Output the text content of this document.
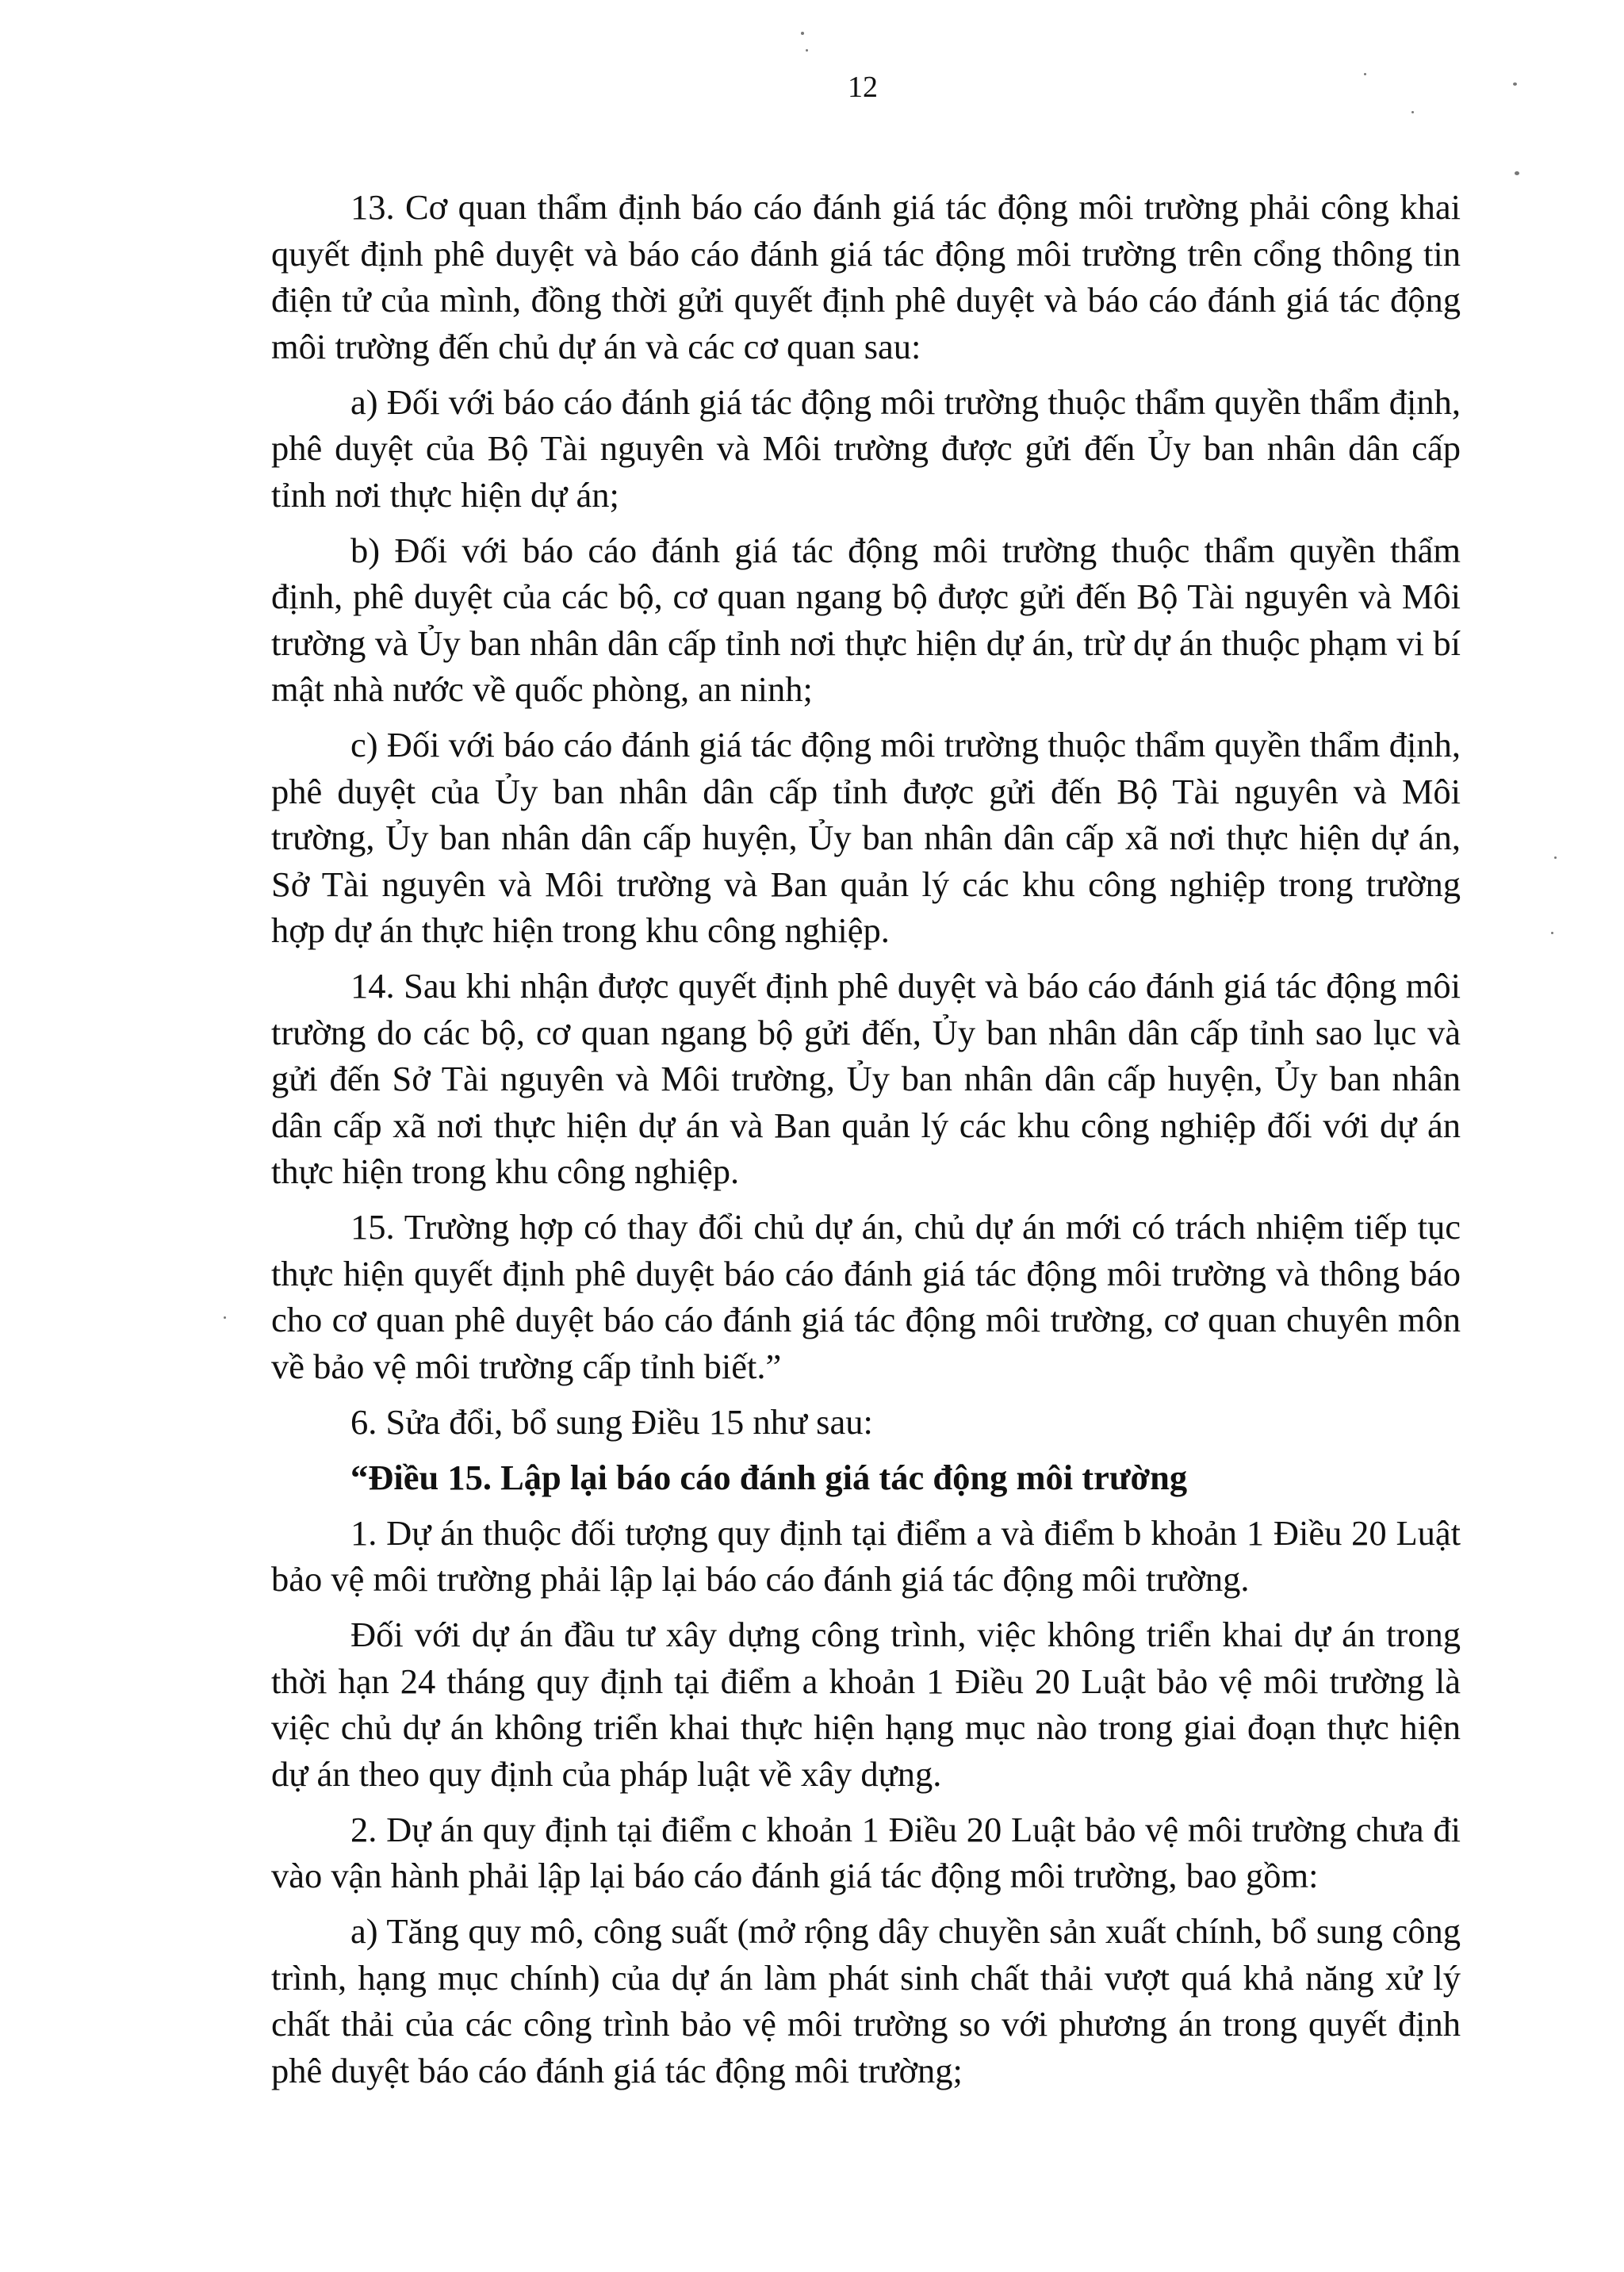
12

13. Cơ quan thẩm định báo cáo đánh giá tác động môi trường phải công khai quyết định phê duyệt và báo cáo đánh giá tác động môi trường trên cổng thông tin điện tử của mình, đồng thời gửi quyết định phê duyệt và báo cáo đánh giá tác động môi trường đến chủ dự án và các cơ quan sau:

a) Đối với báo cáo đánh giá tác động môi trường thuộc thẩm quyền thẩm định, phê duyệt của Bộ Tài nguyên và Môi trường được gửi đến Ủy ban nhân dân cấp tỉnh nơi thực hiện dự án;

b) Đối với báo cáo đánh giá tác động môi trường thuộc thẩm quyền thẩm định, phê duyệt của các bộ, cơ quan ngang bộ được gửi đến Bộ Tài nguyên và Môi trường và Ủy ban nhân dân cấp tỉnh nơi thực hiện dự án, trừ dự án thuộc phạm vi bí mật nhà nước về quốc phòng, an ninh;

c) Đối với báo cáo đánh giá tác động môi trường thuộc thẩm quyền thẩm định, phê duyệt của Ủy ban nhân dân cấp tỉnh được gửi đến Bộ Tài nguyên và Môi trường, Ủy ban nhân dân cấp huyện, Ủy ban nhân dân cấp xã nơi thực hiện dự án, Sở Tài nguyên và Môi trường và Ban quản lý các khu công nghiệp trong trường hợp dự án thực hiện trong khu công nghiệp.

14. Sau khi nhận được quyết định phê duyệt và báo cáo đánh giá tác động môi trường do các bộ, cơ quan ngang bộ gửi đến, Ủy ban nhân dân cấp tỉnh sao lục và gửi đến Sở Tài nguyên và Môi trường, Ủy ban nhân dân cấp huyện, Ủy ban nhân dân cấp xã nơi thực hiện dự án và Ban quản lý các khu công nghiệp đối với dự án thực hiện trong khu công nghiệp.

15. Trường hợp có thay đổi chủ dự án, chủ dự án mới có trách nhiệm tiếp tục thực hiện quyết định phê duyệt báo cáo đánh giá tác động môi trường và thông báo cho cơ quan phê duyệt báo cáo đánh giá tác động môi trường, cơ quan chuyên môn về bảo vệ môi trường cấp tỉnh biết.”

6. Sửa đổi, bổ sung Điều 15 như sau:

“Điều 15. Lập lại báo cáo đánh giá tác động môi trường

1. Dự án thuộc đối tượng quy định tại điểm a và điểm b khoản 1 Điều 20 Luật bảo vệ môi trường phải lập lại báo cáo đánh giá tác động môi trường.

Đối với dự án đầu tư xây dựng công trình, việc không triển khai dự án trong thời hạn 24 tháng quy định tại điểm a khoản 1 Điều 20 Luật bảo vệ môi trường là việc chủ dự án không triển khai thực hiện hạng mục nào trong giai đoạn thực hiện dự án theo quy định của pháp luật về xây dựng.

2. Dự án quy định tại điểm c khoản 1 Điều 20 Luật bảo vệ môi trường chưa đi vào vận hành phải lập lại báo cáo đánh giá tác động môi trường, bao gồm:

a) Tăng quy mô, công suất (mở rộng dây chuyền sản xuất chính, bổ sung công trình, hạng mục chính) của dự án làm phát sinh chất thải vượt quá khả năng xử lý chất thải của các công trình bảo vệ môi trường so với phương án trong quyết định phê duyệt báo cáo đánh giá tác động môi trường;
